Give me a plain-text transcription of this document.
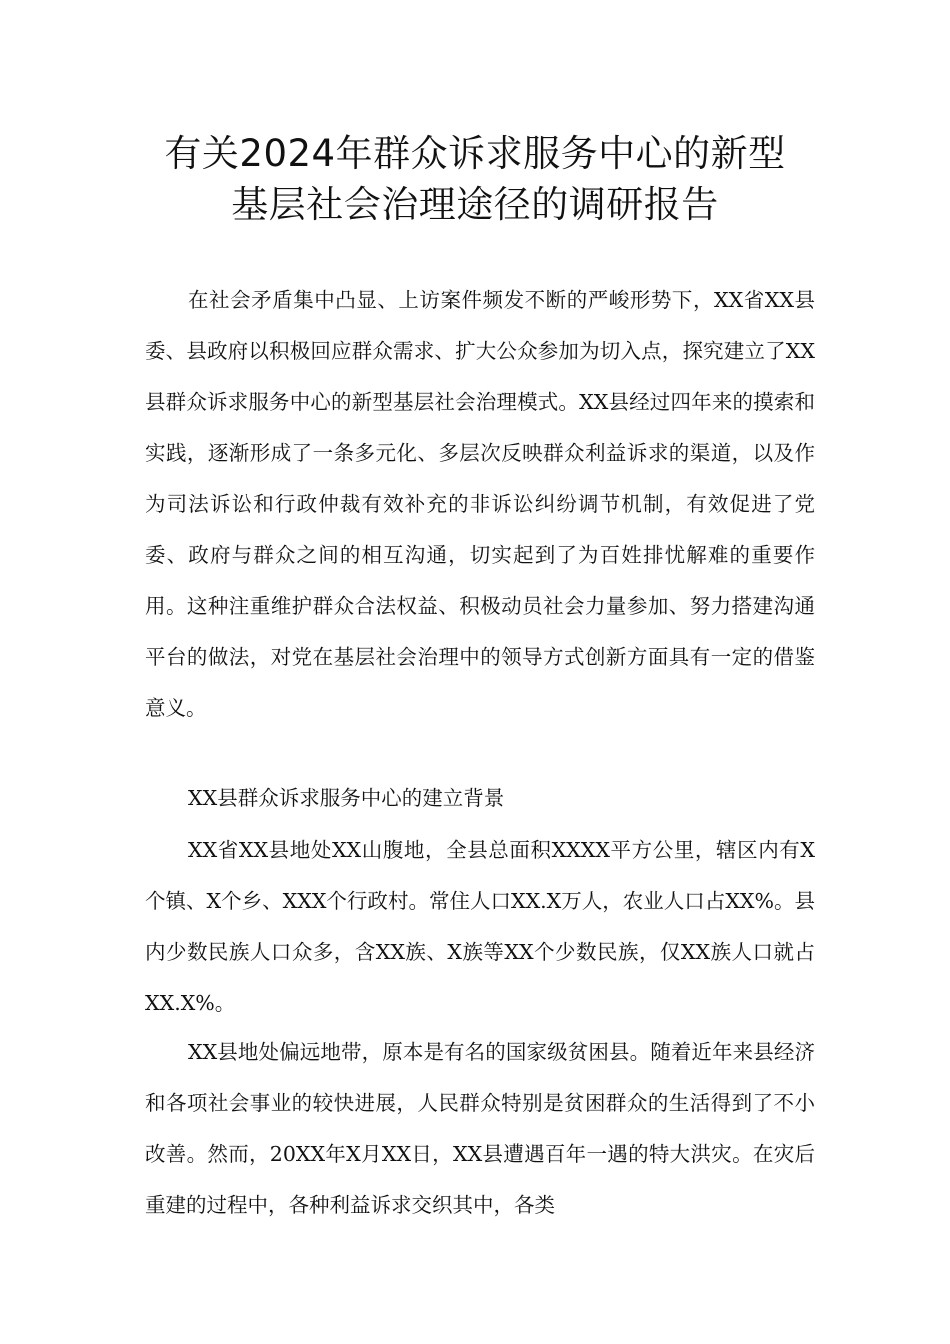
有关2024年群众诉求服务中心的新型
基层社会治理途径的调研报告

在社会矛盾集中凸显、上访案件频发不断的严峻形势下，XX省XX县委、县政府以积极回应群众需求、扩大公众参加为切入点，探究建立了XX县群众诉求服务中心的新型基层社会治理模式。XX县经过四年来的摸索和实践，逐渐形成了一条多元化、多层次反映群众利益诉求的渠道，以及作为司法诉讼和行政仲裁有效补充的非诉讼纠纷调节机制，有效促进了党委、政府与群众之间的相互沟通，切实起到了为百姓排忧解难的重要作用。这种注重维护群众合法权益、积极动员社会力量参加、努力搭建沟通平台的做法，对党在基层社会治理中的领导方式创新方面具有一定的借鉴意义。

XX县群众诉求服务中心的建立背景

XX省XX县地处XX山腹地，全县总面积XXXX平方公里，辖区内有X个镇、X个乡、XXX个行政村。常住人口XX.X万人，农业人口占XX%。县内少数民族人口众多，含XX族、X族等XX个少数民族，仅XX族人口就占XX.X%。

XX县地处偏远地带，原本是有名的国家级贫困县。随着近年来县经济和各项社会事业的较快进展，人民群众特别是贫困群众的生活得到了不小改善。然而，20XX年X月XX日，XX县遭遇百年一遇的特大洪灾。在灾后重建的过程中，各种利益诉求交织其中，各类
